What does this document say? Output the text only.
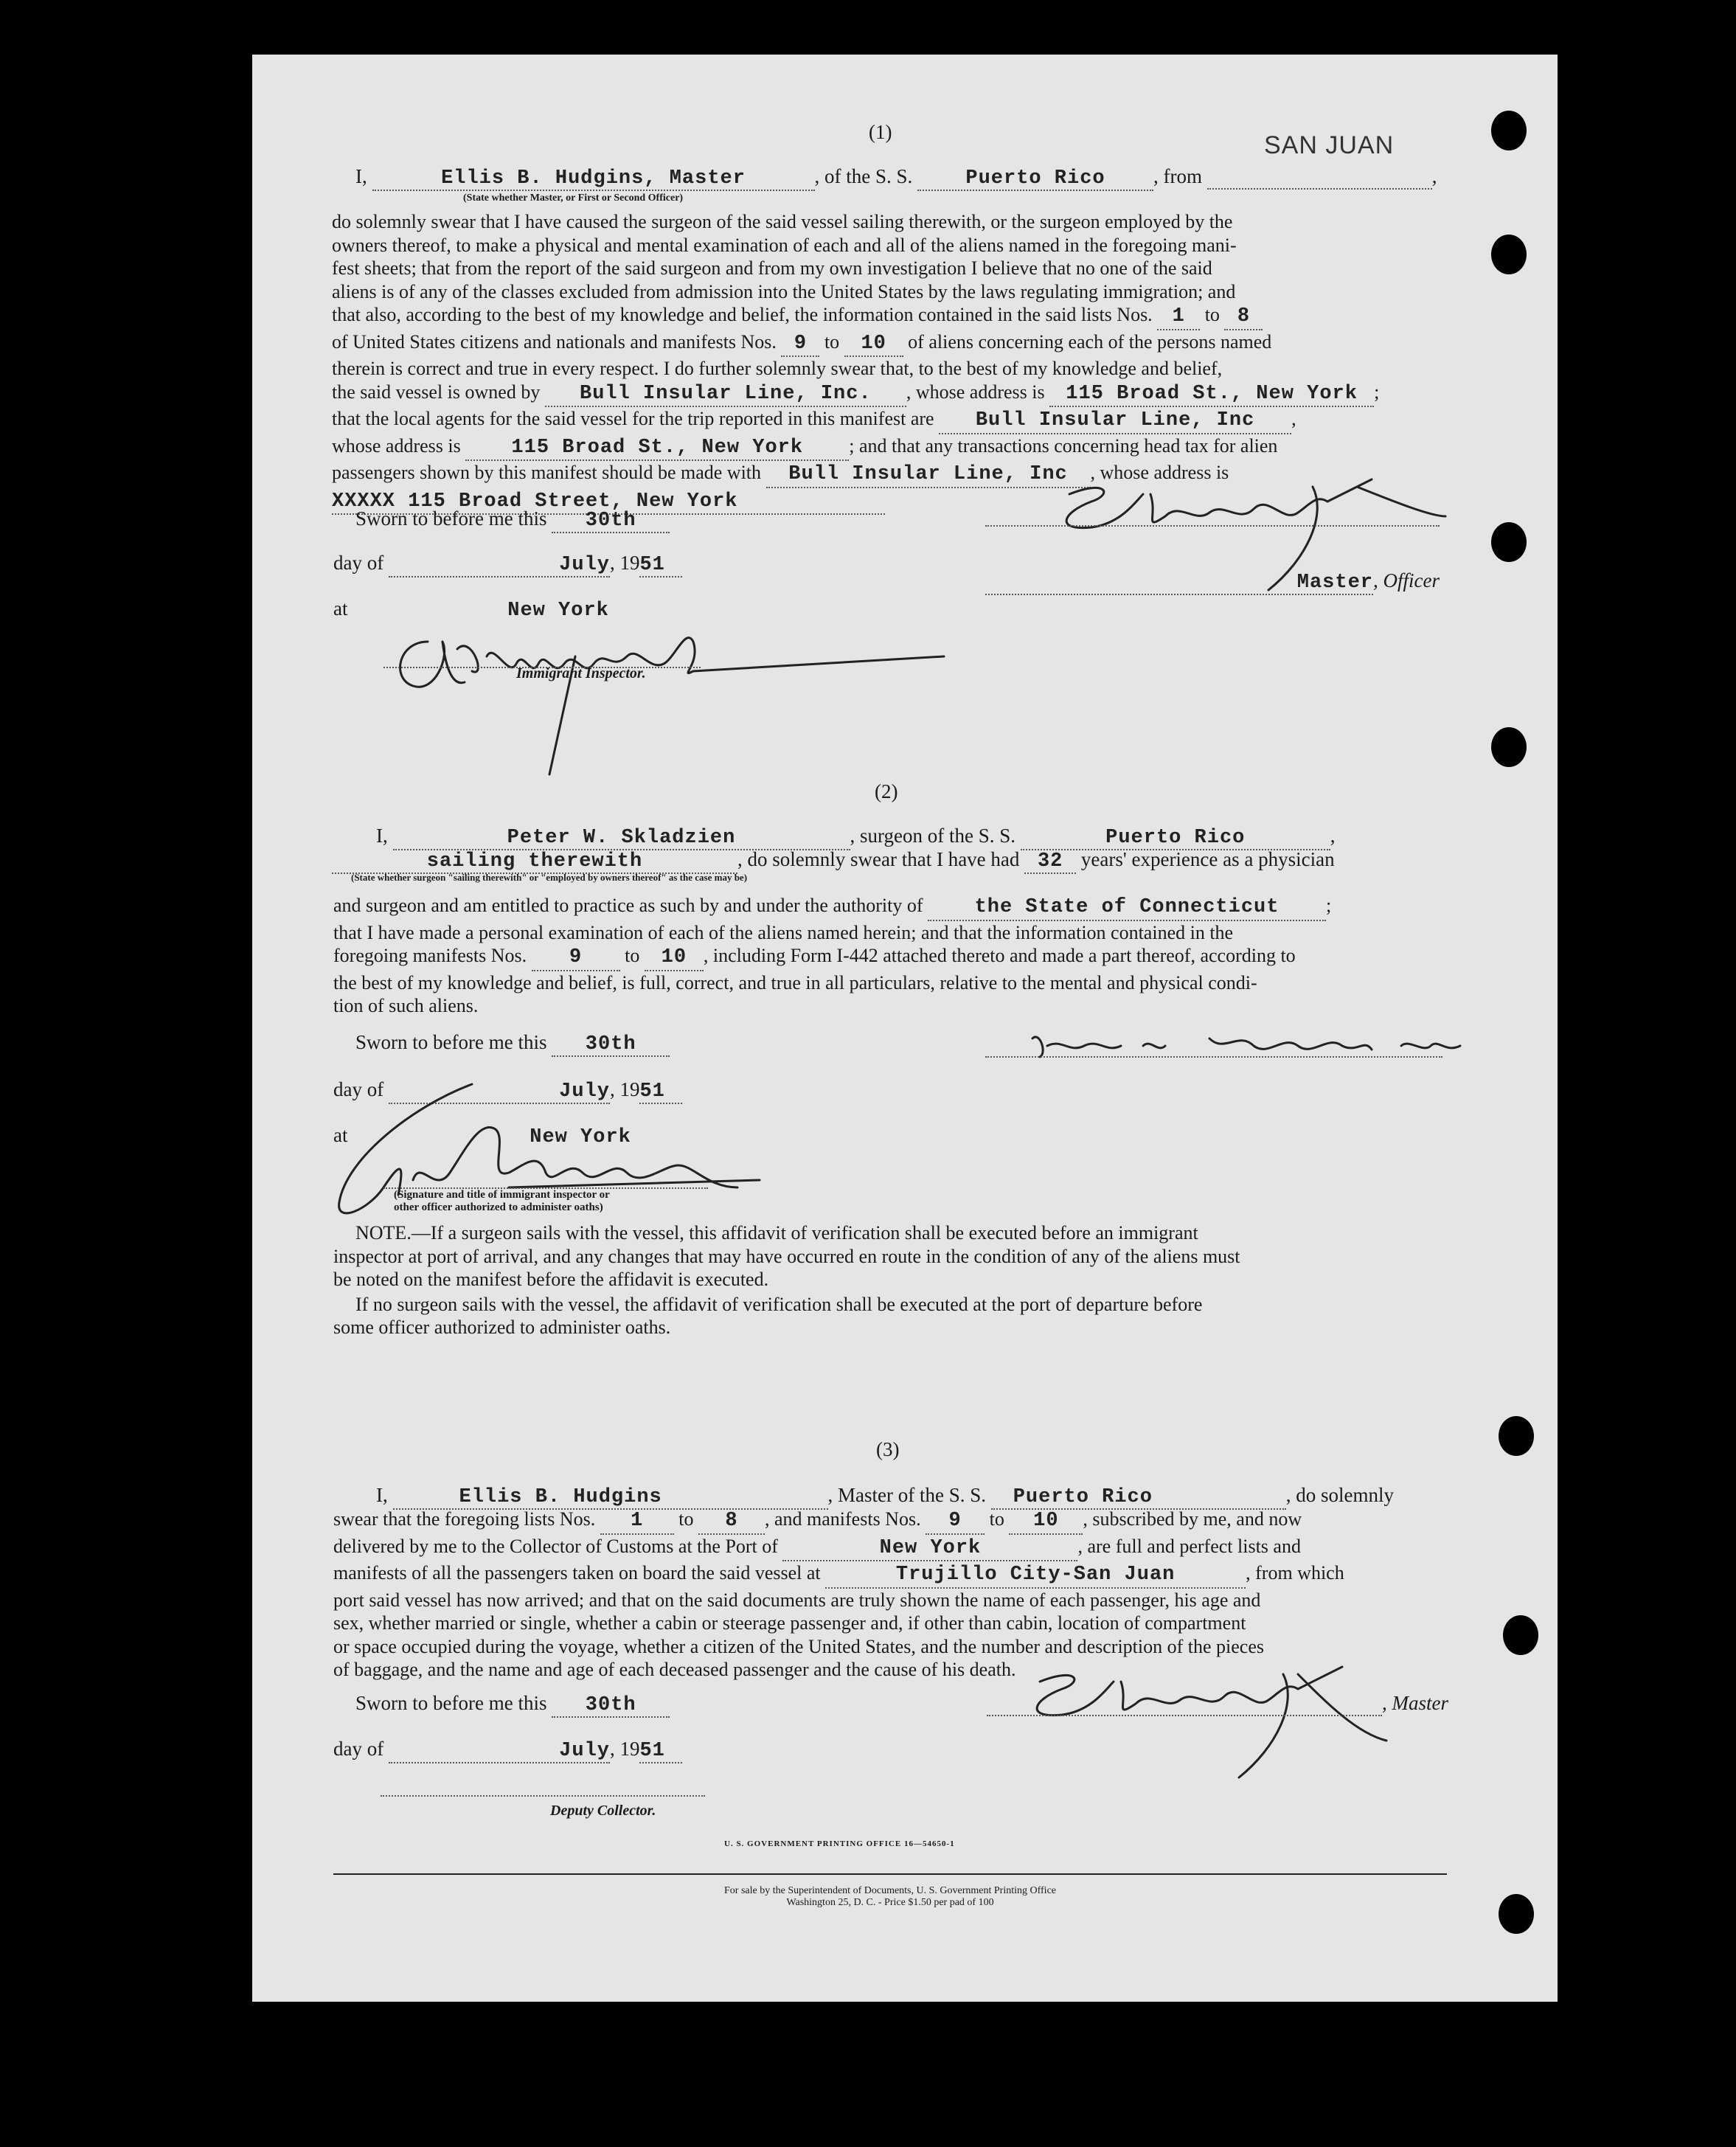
SAN JUAN
(1)
I,	Ellis B. Hudgins, Master	, of the S. S.	Puerto Rico , from	,
(State whether Master, or First or Second Officer)

do solemnly swear that I have caused the surgeon of the said vessel sailing therewith, or the surgeon employed by the

owners thereof, to make a physical and mental examination of each and all of the aliens named in the foregoing mani-

fest sheets; that from the report of the said surgeon and from my own investigation I believe that no one of the said

aliens is of any of the classes excluded from admission into the United States by the laws regulating immigration; and

that also, according to the best of my knowledge and belief, the information contained in the said lists Nos. 1 to 8

of United States citizens and nationals and manifests Nos. 9 to 10 of aliens concerning each of the persons named

therein is correct and true in every respect. I do further solemnly swear that, to the best of my knowledge and belief,

the said vessel is owned by Bull Insular Line, Inc. , whose address is 115 Broad St., New York ;

that the local agents for the said vessel for the trip reported in this manifest are Bull Insular Line, Inc ,

whose address is	115 Broad St., New York ; and that any transactions concerning head tax for alien

passengers shown by this manifest should be made with Bull Insular Line, Inc , whose address is

XXXXX 115 Broad Street, New York

Sworn to before me this 30th
day of	July, 1951
at	New York
Immigrant Inspector.
Master, Officer
(2)
I,	Peter W. Skladzien	, surgeon of the S. S.	Puerto Rico	,
sailing therewith	, do solemnly swear that I have had 32 years' experience as a physician
(State whether surgeon "sailing therewith" or "employed by owners thereof" as the case may be)

and surgeon and am entitled to practice as such by and under the authority of	the State of Connecticut ;

that I have made a personal examination of each of the aliens named herein; and that the information contained in the

foregoing manifests Nos. 9 to 10 , including Form I-442 attached thereto and made a part thereof, according to

the best of my knowledge and belief, is full, correct, and true in all particulars, relative to the mental and physical condi-

tion of such aliens.

Sworn to before me this 30th
day of	July, 1951
at	New York
(Signature and title of immigrant inspector or
other officer authorized to administer oaths)

NOTE.—If a surgeon sails with the vessel, this affidavit of verification shall be executed before an immigrant

inspector at port of arrival, and any changes that may have occurred en route in the condition of any of the aliens must

be noted on the manifest before the affidavit is executed.

If no surgeon sails with the vessel, the affidavit of verification shall be executed at the port of departure before

some officer authorized to administer oaths.

(3)
I,	Ellis B. Hudgins	, Master of the S. S. Puerto Rico	, do solemnly

swear that the foregoing lists Nos. 1 to 8 , and manifests Nos. 9 to 10 , subscribed by me, and now

delivered by me to the Collector of Customs at the Port of	New York	, are full and perfect lists and

manifests of all the passengers taken on board the said vessel at	Trujillo City-San Juan	, from which

port said vessel has now arrived; and that on the said documents are truly shown the name of each passenger, his age and

sex, whether married or single, whether a cabin or steerage passenger and, if other than cabin, location of compartment

or space occupied during the voyage, whether a citizen of the United States, and the number and description of the pieces

of baggage, and the name and age of each deceased passenger and the cause of his death.

Sworn to before me this 30th
day of	July, 1951
, Master
Deputy Collector.
U. S. GOVERNMENT PRINTING OFFICE 16—54650-1
For sale by the Superintendent of Documents, U. S. Government Printing Office
Washington 25, D. C. - Price $1.50 per pad of 100
